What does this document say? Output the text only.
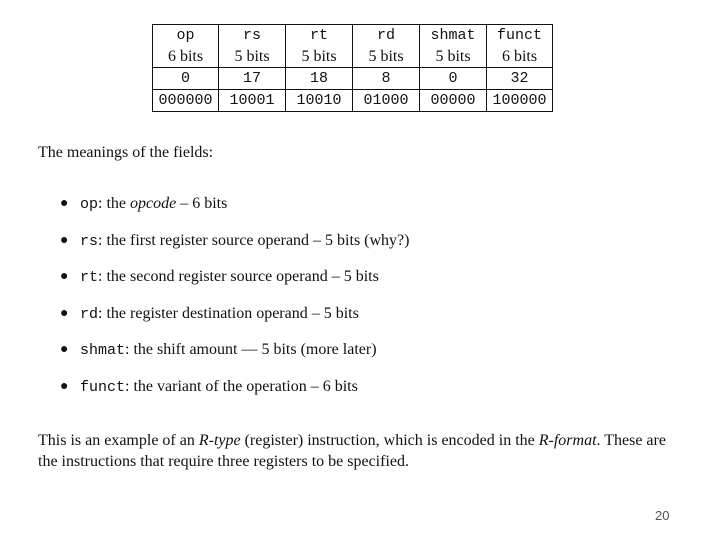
op	rs	rt	rd	shmat	funct
6 bits	5 bits	5 bits	5 bits	5 bits	6 bits
0	17	18	8	0	32
000000	10001	10010	01000	00000	100000

The meanings of the fields:

● op: the opcode – 6 bits
● rs: the first register source operand – 5 bits (why?)
● rt: the second register source operand – 5 bits
● rd: the register destination operand – 5 bits
● shmat: the shift amount — 5 bits (more later)
● funct: the variant of the operation – 6 bits

This is an example of an R-type (register) instruction, which is encoded in the R-format. These are the instructions that require three registers to be specified.

20
